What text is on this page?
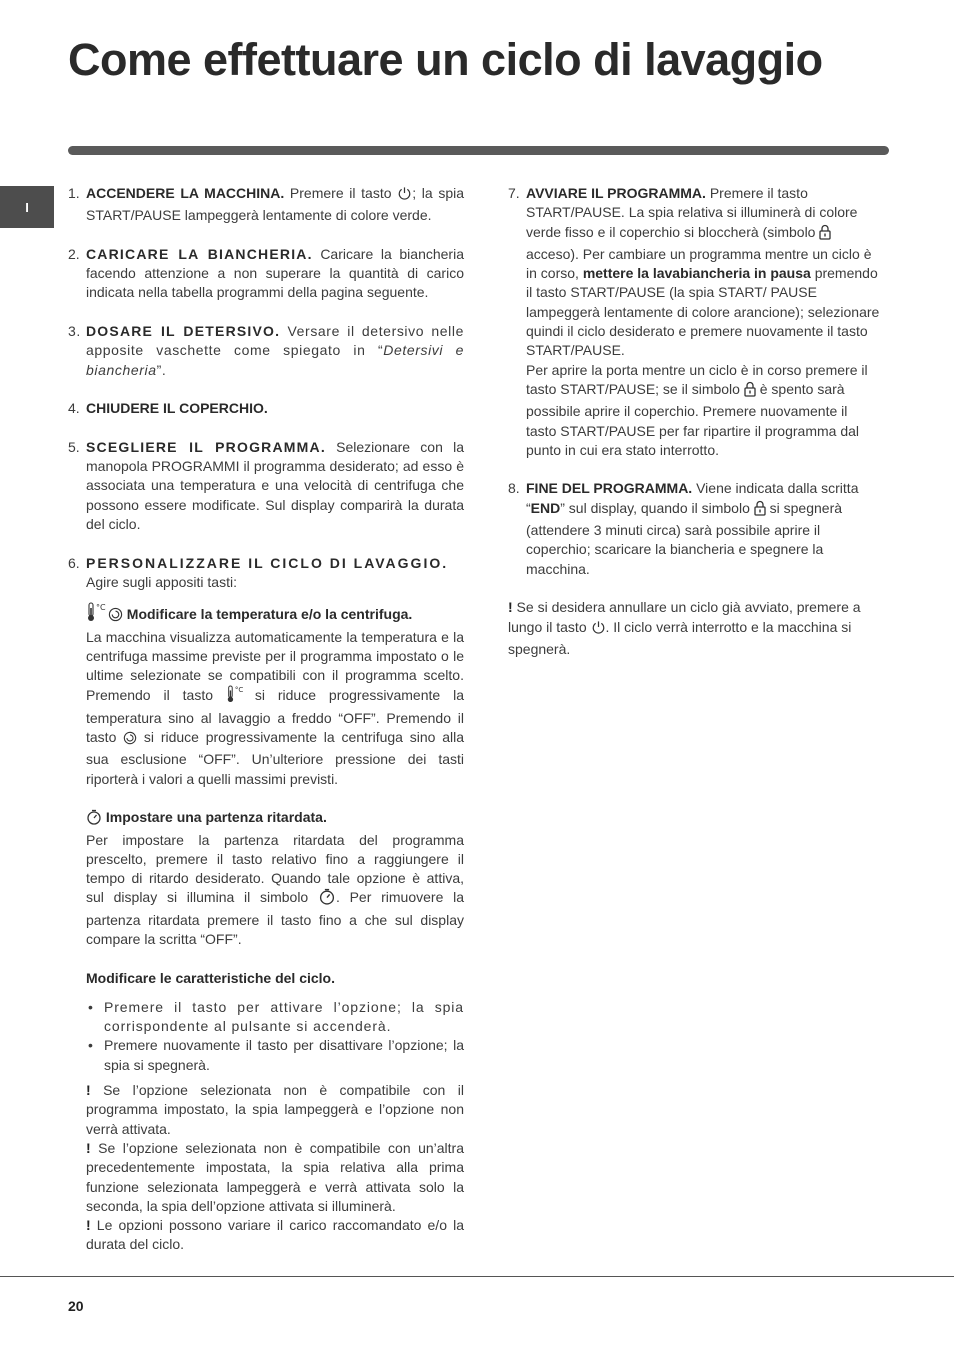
Come effettuare un ciclo di lavaggio
I
1. ACCENDERE LA MACCHINA. Premere il tasto ; la spia START/PAUSE lampeggerà lentamente di colore verde.
2. CARICARE LA BIANCHERIA. Caricare la biancheria facendo attenzione a non superare la quantità di carico indicata nella tabella programmi della pagina seguente.
3. DOSARE IL DETERSIVO. Versare il detersivo nelle apposite vaschette come spiegato in “Detersivi e biancheria”.
4. CHIUDERE IL COPERCHIO.
5. SCEGLIERE IL PROGRAMMA. Selezionare con la manopola PROGRAMMI il programma desiderato; ad esso è associata una temperatura e una velocità di centrifuga che possono essere modificate. Sul display comparirà la durata del ciclo.
6. PERSONALIZZARE IL CICLO DI LAVAGGIO.
Agire sugli appositi tasti:

°C Modificare la temperatura e/o la centrifuga.

La macchina visualizza automaticamente la temperatura e la centrifuga massime previste per il programma impostato o le ultime selezionate se compatibili con il programma scelto. Premendo il tasto °C
si riduce progressivamente la temperatura sino al lavaggio a freddo “OFF”. Premendo il tasto  si riduce progressivamente la centrifuga sino alla sua esclusione “OFF”. Un’ulteriore pressione dei tasti riporterà i valori a quelli massimi previsti.

Impostare una partenza ritardata.

Per impostare la partenza ritardata del programma prescelto, premere il tasto relativo fino a raggiungere il tempo di ritardo desiderato. Quando tale opzione è attiva, sul display si illumina il simbolo . Per rimuovere la partenza ritardata premere il tasto fino a che sul display compare la scritta “OFF”.

Modificare le caratteristiche del ciclo.

• Premere il tasto per attivare l’opzione; la spia corrispondente al pulsante si accenderà.
• Premere nuovamente il tasto per disattivare l’opzione; la spia si spegnerà.

! Se l’opzione selezionata non è compatibile con il programma impostato, la spia lampeggerà e l’opzione non verrà attivata.

! Se l’opzione selezionata non è compatibile con un’altra precedentemente impostata, la spia relativa alla prima funzione selezionata lampeggerà e verrà attivata solo la seconda, la spia dell’opzione attivata si illuminerà.

! Le opzioni possono variare il carico raccomandato e/o la durata del ciclo.

7. AVVIARE IL PROGRAMMA. Premere il tasto START/PAUSE. La spia relativa si illuminerà di colore verde fisso e il coperchio si bloccherà (simbolo  acceso). Per cambiare un programma mentre un ciclo è in corso, mettere la lavabiancheria in pausa premendo il tasto START/PAUSE (la spia START/ PAUSE lampeggerà lentamente di colore arancione); selezionare quindi il ciclo desiderato e premere nuovamente il tasto START/PAUSE.

Per aprire la porta mentre un ciclo è in corso premere il tasto START/PAUSE; se il simbolo  è spento sarà possibile aprire il coperchio. Premere nuovamente il tasto START/PAUSE per far ripartire il programma dal punto in cui era stato interrotto.

8. FINE DEL PROGRAMMA. Viene indicata dalla scritta “END” sul display, quando il simbolo  si spegnerà (attendere 3 minuti circa) sarà possibile aprire il coperchio; scaricare la biancheria e spegnere la macchina.

! Se si desidera annullare un ciclo già avviato, premere a lungo il tasto . Il ciclo verrà interrotto e la macchina si spegnerà.

20
